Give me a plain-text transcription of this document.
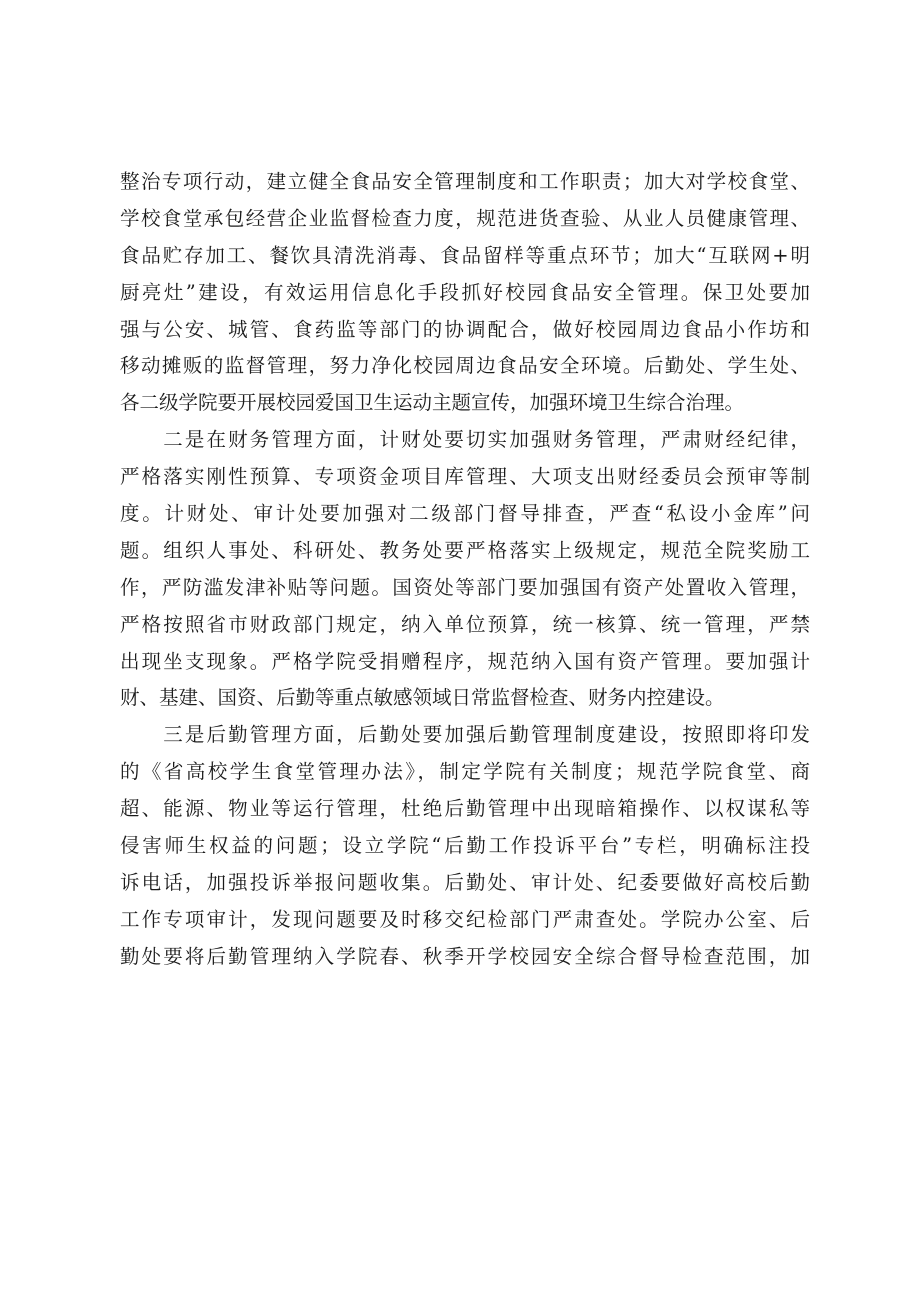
整治专项行动，建立健全食品安全管理制度和工作职责；加大对学校食堂、
学校食堂承包经营企业监督检查力度，规范进货查验、从业人员健康管理、
食品贮存加工、餐饮具清洗消毒、食品留样等重点环节；加大“互联网+明
厨亮灶”建设，有效运用信息化手段抓好校园食品安全管理。保卫处要加
强与公安、城管、食药监等部门的协调配合，做好校园周边食品小作坊和
移动摊贩的监督管理，努力净化校园周边食品安全环境。后勤处、学生处、
各二级学院要开展校园爱国卫生运动主题宣传，加强环境卫生综合治理。
　　二是在财务管理方面，计财处要切实加强财务管理，严肃财经纪律，
严格落实刚性预算、专项资金项目库管理、大项支出财经委员会预审等制
度。计财处、审计处要加强对二级部门督导排查，严查“私设小金库”问
题。组织人事处、科研处、教务处要严格落实上级规定，规范全院奖励工
作，严防滥发津补贴等问题。国资处等部门要加强国有资产处置收入管理，
严格按照省市财政部门规定，纳入单位预算，统一核算、统一管理，严禁
出现坐支现象。严格学院受捐赠程序，规范纳入国有资产管理。要加强计
财、基建、国资、后勤等重点敏感领域日常监督检查、财务内控建设。
　　三是后勤管理方面，后勤处要加强后勤管理制度建设，按照即将印发
的《省高校学生食堂管理办法》，制定学院有关制度；规范学院食堂、商
超、能源、物业等运行管理，杜绝后勤管理中出现暗箱操作、以权谋私等
侵害师生权益的问题；设立学院“后勤工作投诉平台”专栏，明确标注投
诉电话，加强投诉举报问题收集。后勤处、审计处、纪委要做好高校后勤
工作专项审计，发现问题要及时移交纪检部门严肃查处。学院办公室、后
勤处要将后勤管理纳入学院春、秋季开学校园安全综合督导检查范围，加
